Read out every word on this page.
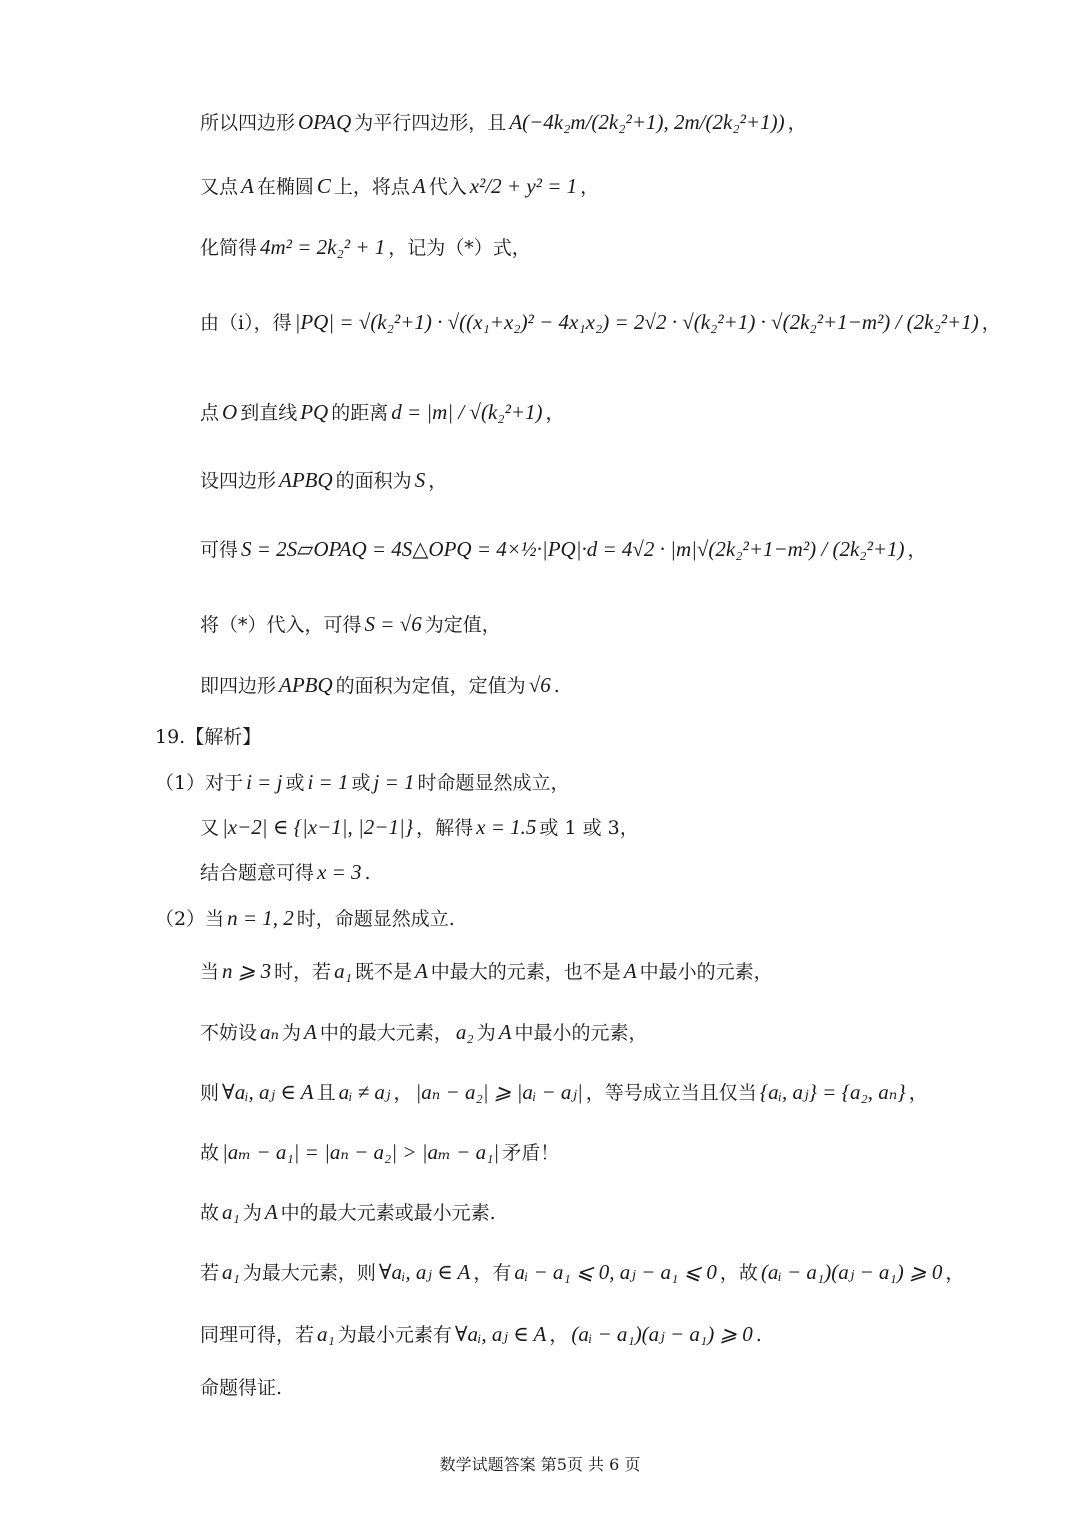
所以四边形 OPAQ 为平行四边形，且 A(−4k₂m/(2k₂²+1), 2m/(2k₂²+1)) ，
又点 A 在椭圆 C 上，将点 A 代入 x²/2 + y² = 1 ，
化简得 4m² = 2k₂² + 1 ，记为（*）式，
由（i），得 |PQ| = √(k₂²+1) · √((x₁+x₂)² − 4x₁x₂) = 2√2 · √(k₂²+1) · √(2k₂²+1−m²) / (2k₂²+1) ，
点 O 到直线 PQ 的距离 d = |m| / √(k₂²+1) ，
设四边形 APBQ 的面积为 S ，
可得 S = 2S▱OPAQ = 4S△OPQ = 4×½·|PQ|·d = 4√2 · |m|√(2k₂²+1−m²) / (2k₂²+1) ，
将（*）代入，可得 S = √6 为定值，
即四边形 APBQ 的面积为定值，定值为 √6 .
19.【解析】
（1）对于 i = j 或 i = 1 或 j = 1 时命题显然成立，
又 |x−2| ∈ {|x−1|, |2−1|} ，解得 x = 1.5 或 1 或 3，
结合题意可得 x = 3 .
（2）当 n = 1, 2 时，命题显然成立.
当 n ⩾ 3 时，若 a₁ 既不是 A 中最大的元素，也不是 A 中最小的元素，
不妨设 aₙ 为 A 中的最大元素， a₂ 为 A 中最小的元素，
则 ∀aᵢ, aⱼ ∈ A 且 aᵢ ≠ aⱼ ， |aₙ − a₂| ⩾ |aᵢ − aⱼ| ，等号成立当且仅当 {aᵢ, aⱼ} = {a₂, aₙ} ，
故 |aₘ − a₁| = |aₙ − a₂| > |aₘ − a₁| 矛盾！
故 a₁ 为 A 中的最大元素或最小元素.
若 a₁ 为最大元素，则 ∀aᵢ, aⱼ ∈ A ，有 aᵢ − a₁ ⩽ 0, aⱼ − a₁ ⩽ 0 ，故 (aᵢ − a₁)(aⱼ − a₁) ⩾ 0 ，
同理可得，若 a₁ 为最小元素有 ∀aᵢ, aⱼ ∈ A ， (aᵢ − a₁)(aⱼ − a₁) ⩾ 0 .
命题得证.
数学试题答案 第5页 共 6 页
